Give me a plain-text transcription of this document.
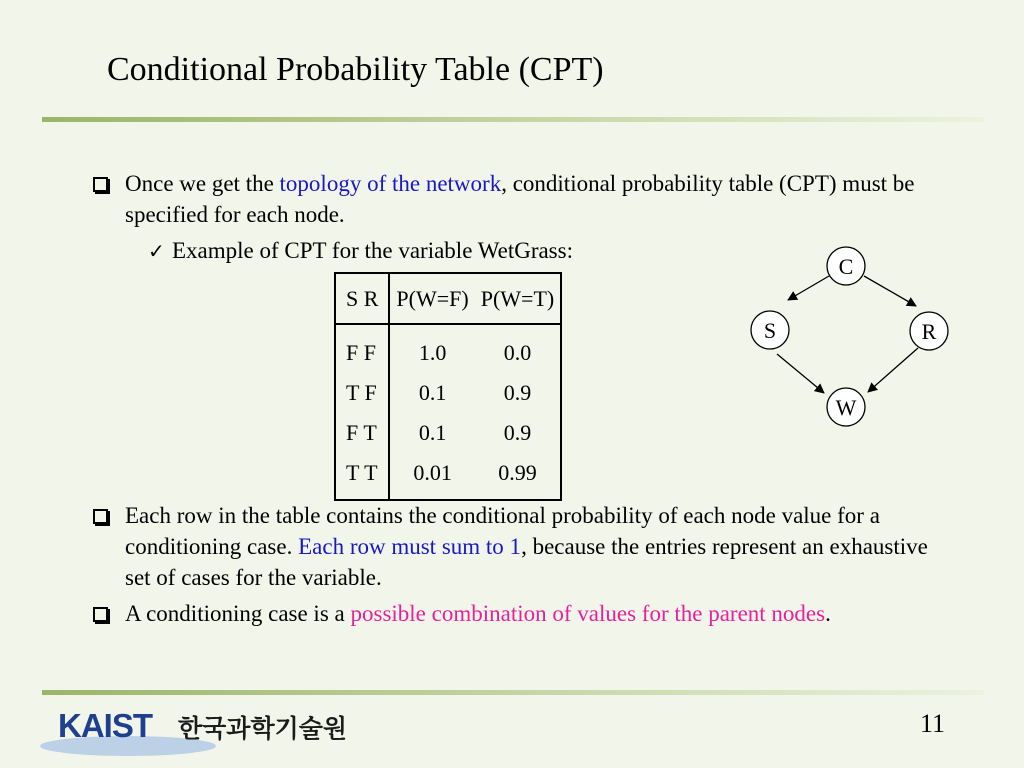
Conditional Probability Table (CPT)
Once we get the topology of the network, conditional probability table (CPT) must be specified for each node.
✓ Example of CPT for the variable WetGrass:
S R	P(W=F)	P(W=T)
F F	1.0	0.0
T F	0.1	0.9
F T	0.1	0.9
T T	0.01	0.99
C
S	R
W
Each row in the table contains the conditional probability of each node value for a conditioning case. Each row must sum to 1, because the entries represent an exhaustive set of cases for the variable.
A conditioning case is a possible combination of values for the parent nodes.
KAIST 한국과학기술원	11
